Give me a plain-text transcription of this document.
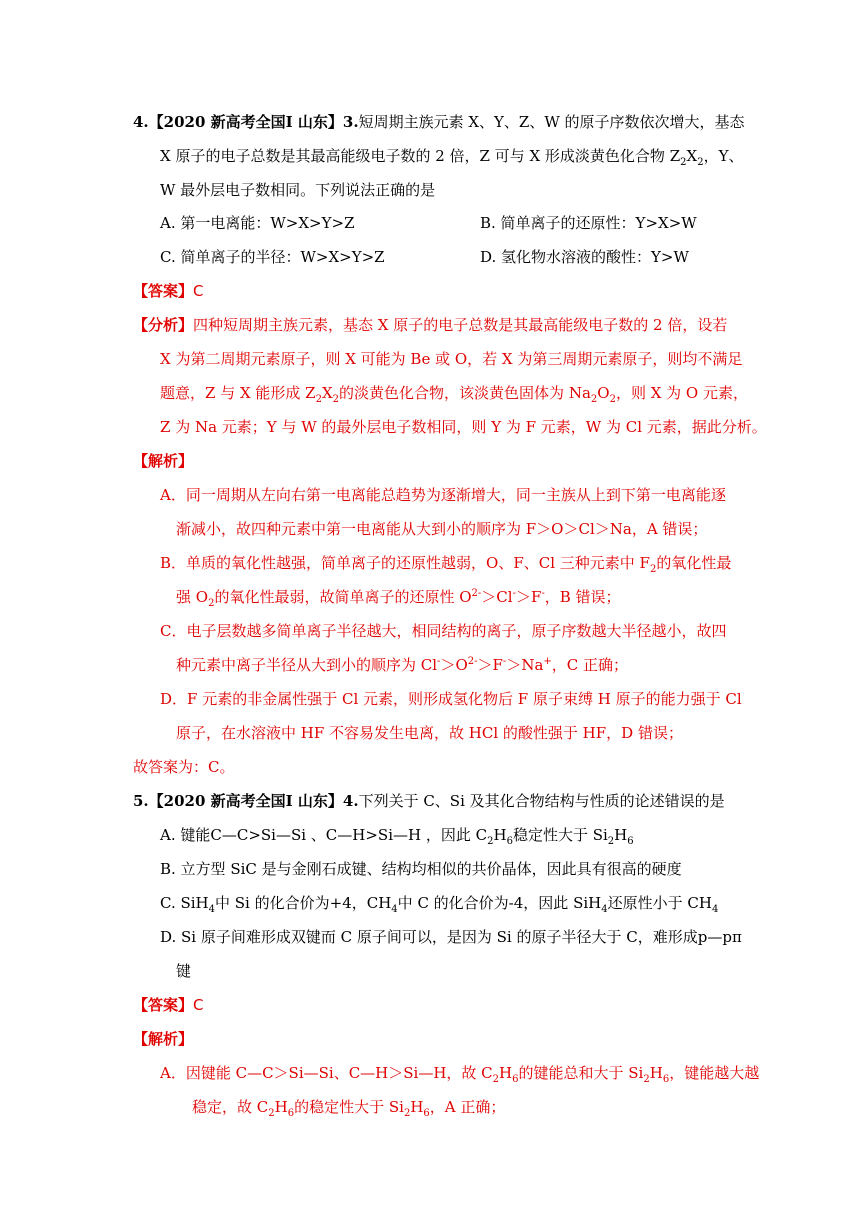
4.【2020 新高考全国Ⅰ 山东】3.短周期主族元素 X、Y、Z、W 的原子序数依次增大，基态
X 原子的电子总数是其最高能级电子数的 2 倍，Z 可与 X 形成淡黄色化合物 $Z_2X_2$，Y、
W 最外层电子数相同。下列说法正确的是
A. 第一电离能：W>X>Y>Z	B. 简单离子的还原性：Y>X>W
C. 简单离子的半径：W>X>Y>Z	D. 氢化物水溶液的酸性：Y>W
【答案】C
【分析】四种短周期主族元素，基态 X 原子的电子总数是其最高能级电子数的 2 倍，设若
X 为第二周期元素原子，则 X 可能为 Be 或 O，若 X 为第三周期元素原子，则均不满足
题意，Z 与 X 能形成 $Z_2X_2$的淡黄色化合物，该淡黄色固体为 $Na_2O_2$，则 X 为 O 元素，
Z 为 Na 元素；Y 与 W 的最外层电子数相同，则 Y 为 F 元素，W 为 Cl 元素，据此分析。
【解析】
A．同一周期从左向右第一电离能总趋势为逐渐增大，同一主族从上到下第一电离能逐
渐减小，故四种元素中第一电离能从大到小的顺序为 F＞O＞Cl＞Na，A 错误；
B．单质的氧化性越强，简单离子的还原性越弱，O、F、Cl 三种元素中 $F_2$的氧化性最
强 $O_2$的氧化性最弱，故简单离子的还原性 $O^{2-}>Cl^->F^-$，B 错误；
C．电子层数越多简单离子半径越大，相同结构的离子，原子序数越大半径越小，故四
种元素中离子半径从大到小的顺序为 $Cl^->O^{2-}>F^->Na^+$，C 正确；
D．F 元素的非金属性强于 Cl 元素，则形成氢化物后 F 原子束缚 H 原子的能力强于 Cl
原子，在水溶液中 HF 不容易发生电离，故 HCl 的酸性强于 HF，D 错误；
故答案为：C。
5.【2020 新高考全国Ⅰ 山东】4.下列关于 C、Si 及其化合物结构与性质的论述错误的是
A. 键能C—C>Si—Si 、C—H>Si—H ，因此 $C_2H_6$稳定性大于 $Si_2H_6$
B. 立方型 SiC 是与金刚石成键、结构均相似的共价晶体，因此具有很高的硬度
C. SiH$_4$中 Si 的化合价为+4，$CH_4$中 C 的化合价为-4，因此 SiH$_4$还原性小于 $CH_4$
D. Si 原子间难形成双键而 C 原子间可以，是因为 Si 的原子半径大于 C，难形成p—pπ
键
【答案】C
【解析】
A．因键能 C—C＞Si—Si、C—H＞Si—H，故 $C_2H_6$的键能总和大于 $Si_2H_6$，键能越大越
稳定，故 $C_2H_6$的稳定性大于 $Si_2H_6$，A 正确；
